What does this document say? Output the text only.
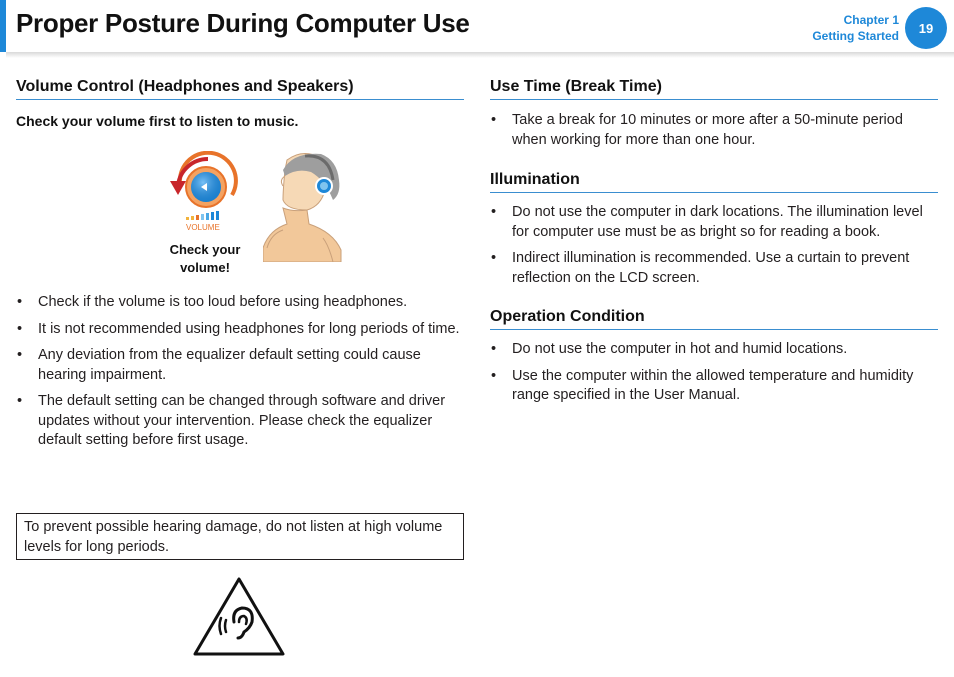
Proper Posture During Computer Use	Chapter 1
Getting Started
19
Volume Control (Headphones and Speakers)

Check your volume first to listen to music.

VOLUME
Check your
volume!
• Check if the volume is too loud before using headphones.
• It is not recommended using headphones for long periods of time.
• Any deviation from the equalizer default setting could cause hearing impairment.
• The default setting can be changed through software and driver updates without your intervention. Please check the equalizer default setting before first usage.
To prevent possible hearing damage, do not listen at high volume levels for long periods.
Use Time (Break Time)
• Take a break for 10 minutes or more after a 50-minute period when working for more than one hour.
Illumination
• Do not use the computer in dark locations. The illumination level for computer use must be as bright so for reading a book.
• Indirect illumination is recommended. Use a curtain to prevent reflection on the LCD screen.
Operation Condition
• Do not use the computer in hot and humid locations.
• Use the computer within the allowed temperature and humidity range specified in the User Manual.
